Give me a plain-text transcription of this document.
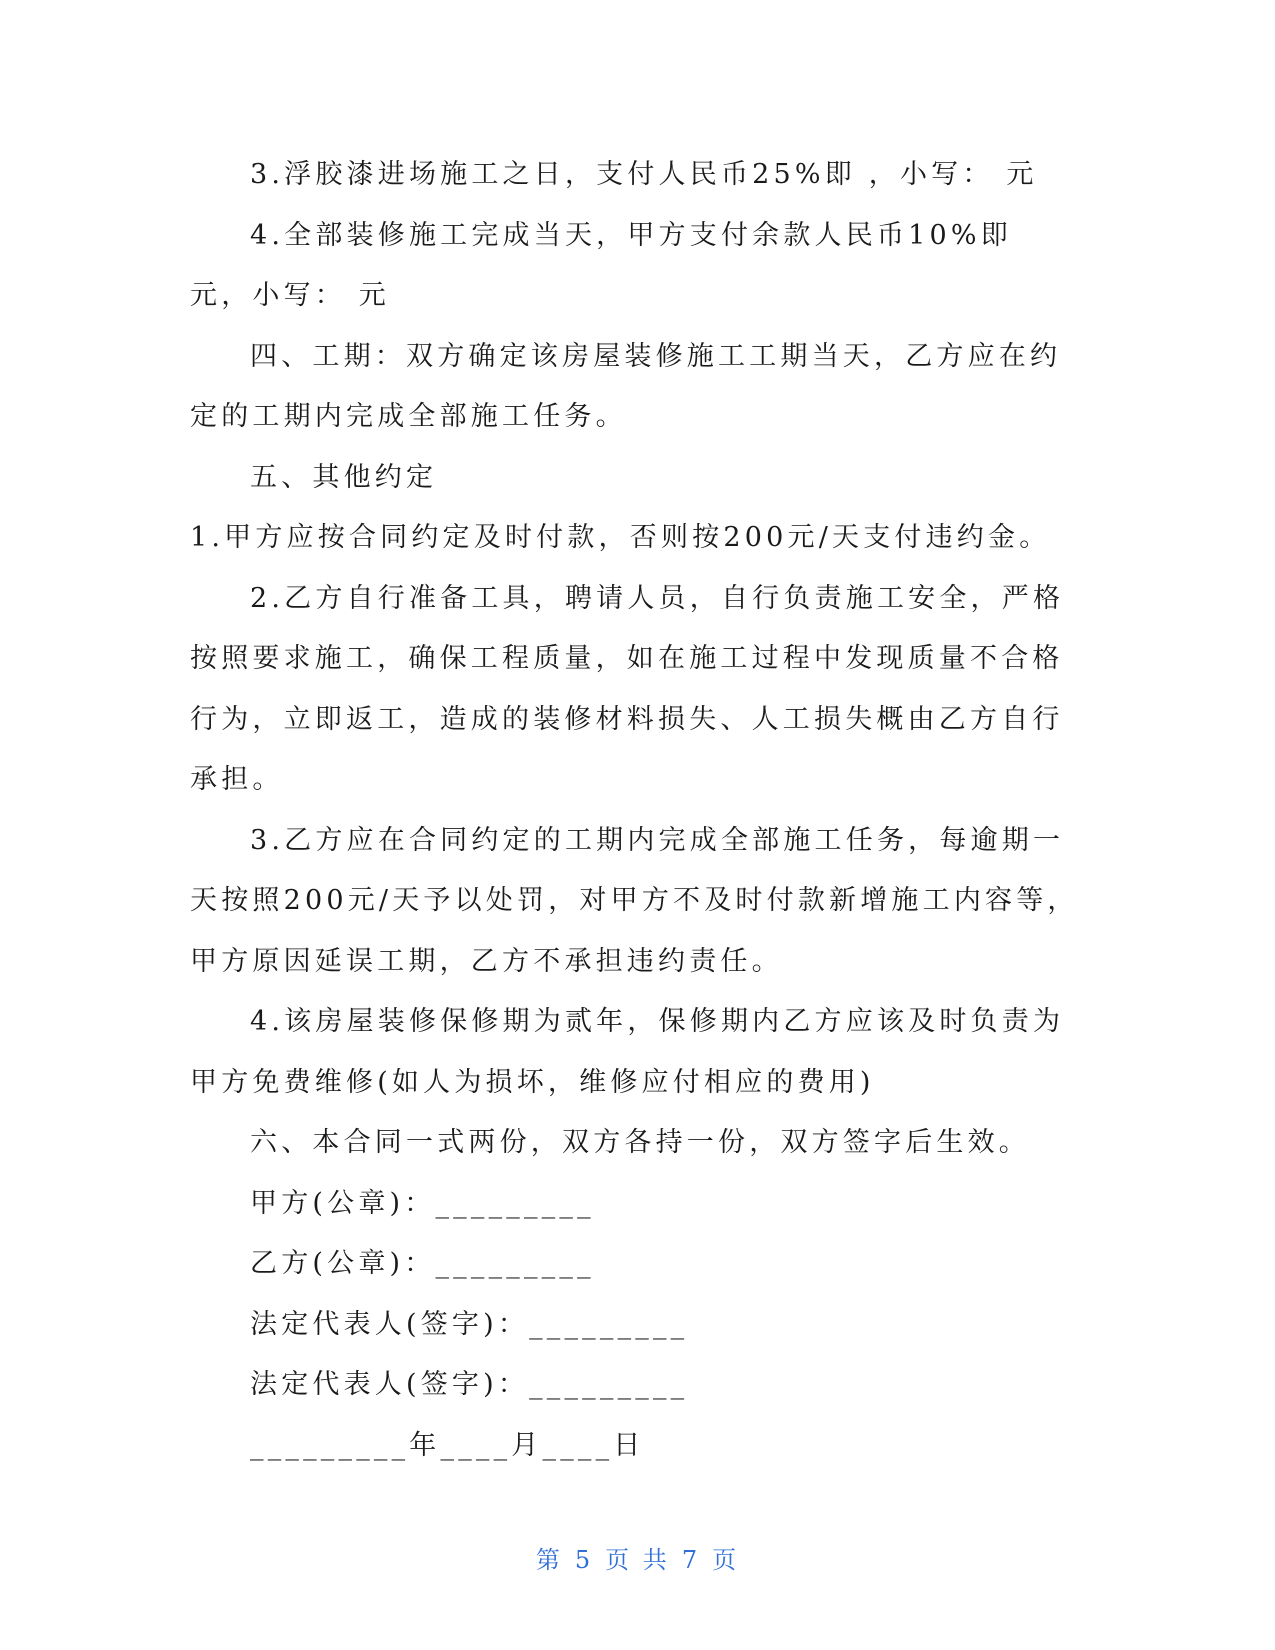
3.浮胶漆进场施工之日，支付人民币25%即 ，小写： 元
4.全部装修施工完成当天，甲方支付余款人民币10%即
元，小写： 元
四、工期：双方确定该房屋装修施工工期当天，乙方应在约
定的工期内完成全部施工任务。
五、其他约定
1.甲方应按合同约定及时付款，否则按200元/天支付违约金。
2.乙方自行准备工具，聘请人员，自行负责施工安全，严格
按照要求施工，确保工程质量，如在施工过程中发现质量不合格
行为，立即返工，造成的装修材料损失、人工损失概由乙方自行
承担。
3.乙方应在合同约定的工期内完成全部施工任务，每逾期一
天按照200元/天予以处罚，对甲方不及时付款新增施工内容等，
甲方原因延误工期，乙方不承担违约责任。
4.该房屋装修保修期为贰年，保修期内乙方应该及时负责为
甲方免费维修(如人为损坏，维修应付相应的费用)
六、本合同一式两份，双方各持一份，双方签字后生效。
甲方(公章)：_________
乙方(公章)：_________
法定代表人(签字)：_________
法定代表人(签字)：_________
_________年____月____日
第 5 页 共 7 页
